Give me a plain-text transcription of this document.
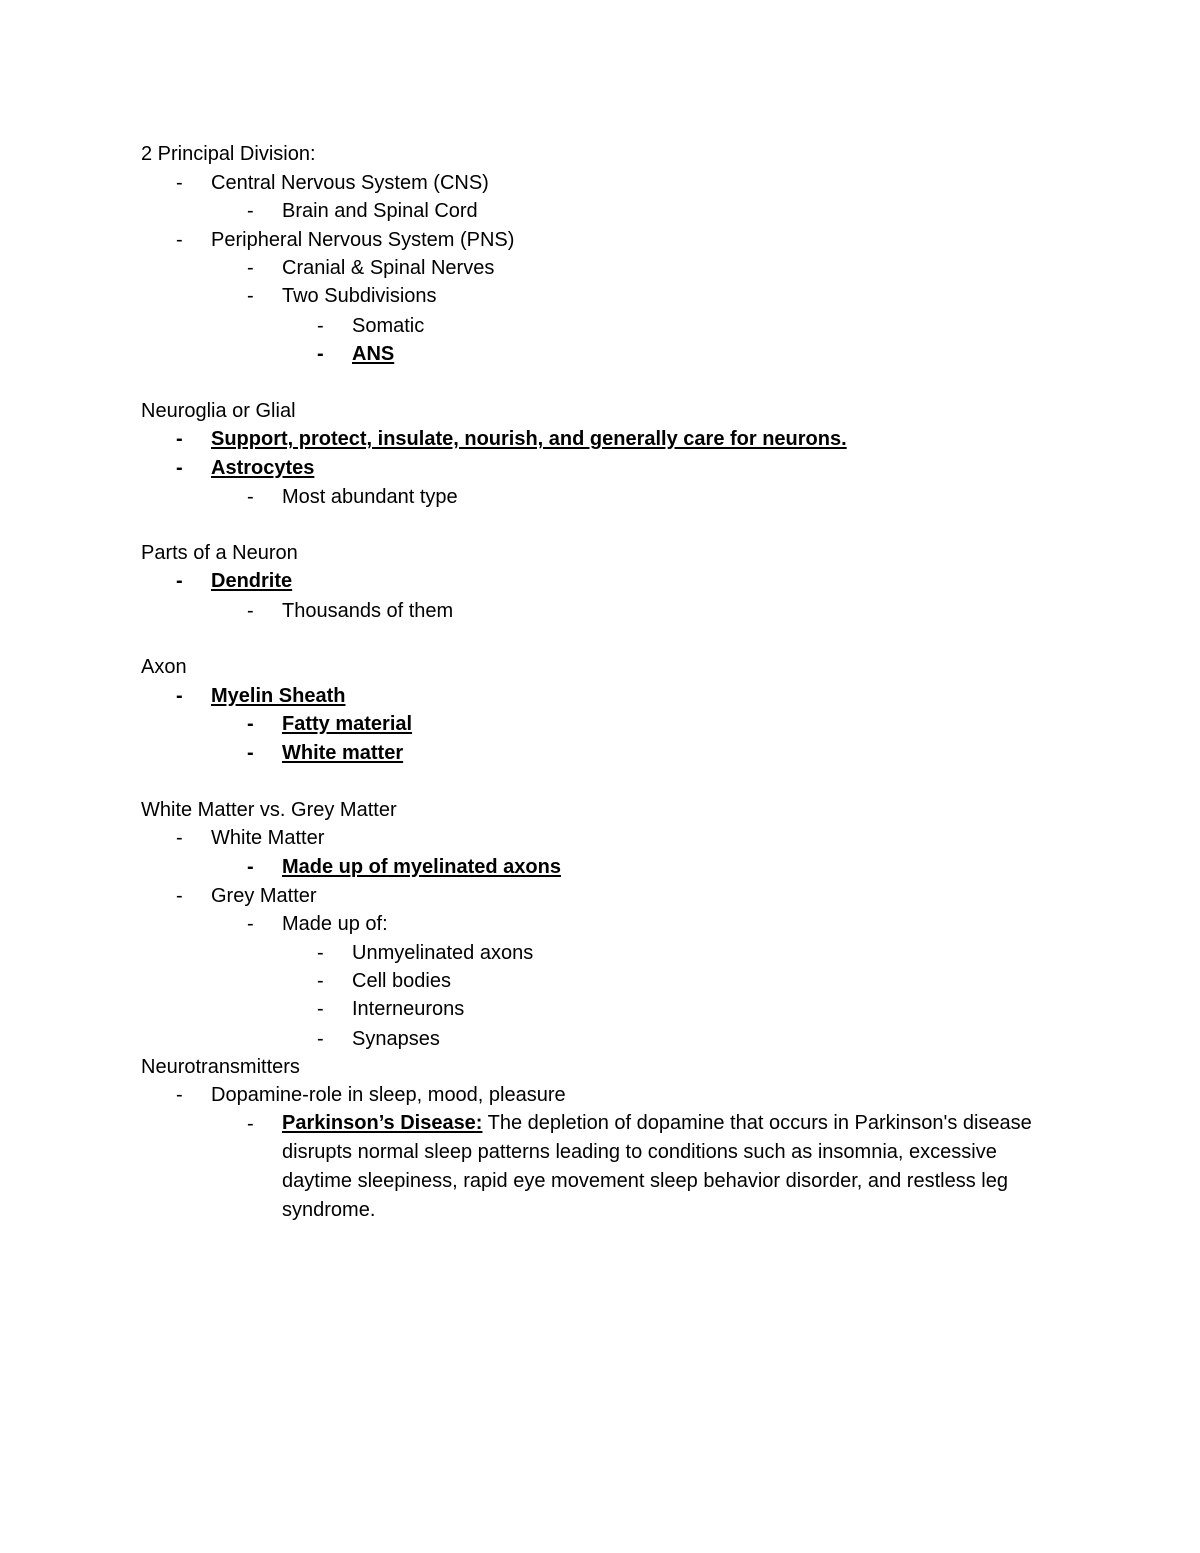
2 Principal Division:
- Central Nervous System (CNS)
- Brain and Spinal Cord
- Peripheral Nervous System (PNS)
- Cranial & Spinal Nerves
- Two Subdivisions
- Somatic
- ANS
Neuroglia or Glial
- Support, protect, insulate, nourish, and generally care for neurons.
- Astrocytes
- Most abundant type
Parts of a Neuron
- Dendrite
- Thousands of them
Axon
- Myelin Sheath
- Fatty material
- White matter
White Matter vs. Grey Matter
- White Matter
- Made up of myelinated axons
- Grey Matter
- Made up of:
- Unmyelinated axons
- Cell bodies
- Interneurons
- Synapses
Neurotransmitters
- Dopamine-role in sleep, mood, pleasure
- Parkinson’s Disease: The depletion of dopamine that occurs in Parkinson's disease disrupts normal sleep patterns leading to conditions such as insomnia, excessive daytime sleepiness, rapid eye movement sleep behavior disorder, and restless leg syndrome.
